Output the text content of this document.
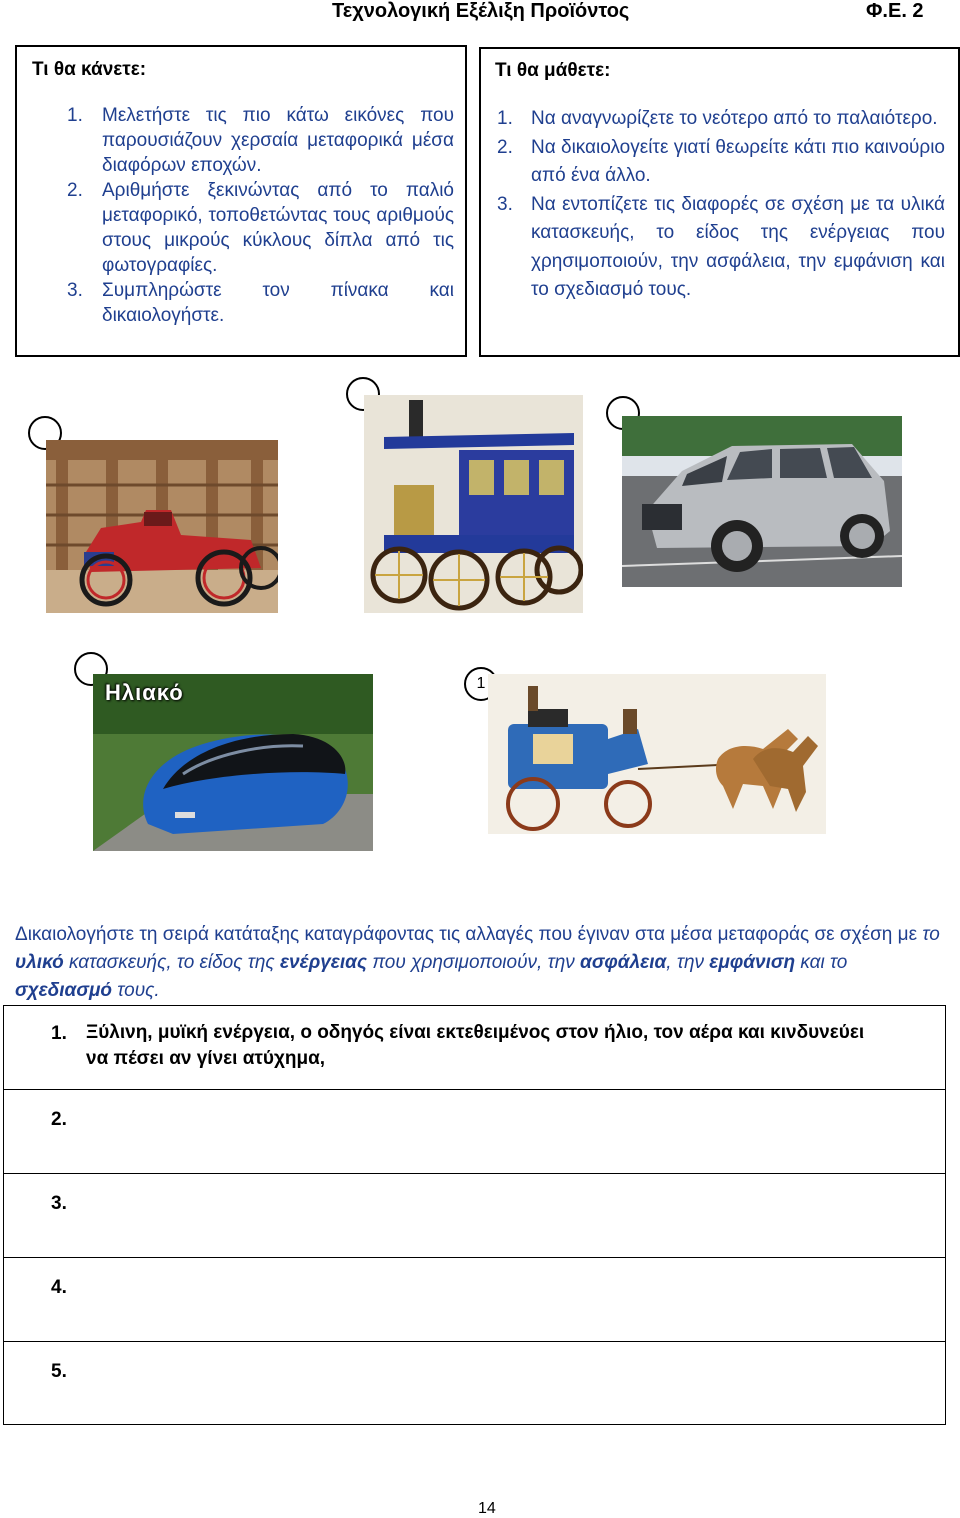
Τεχνολογική Εξέλιξη Προϊόντος	Φ.Ε. 2
Τι θα κάνετε:
1. Μελετήστε τις πιο κάτω εικόνες που παρουσιάζουν χερσαία μεταφορικά μέσα διαφόρων εποχών.
2. Αριθμήστε ξεκινώντας από το παλιό μεταφορικό, τοποθετώντας τους αριθμούς στους μικρούς κύκλους δίπλα από τις φωτογραφίες.
3. Συμπληρώστε τον πίνακα και δικαιολογήστε.
Τι θα μάθετε:
1. Να αναγνωρίζετε το νεότερο από το παλαιότερο.
2. Να δικαιολογείτε γιατί θεωρείτε κάτι πιο καινούριο από ένα άλλο.
3. Να εντοπίζετε τις διαφορές σε σχέση με τα υλικά κατασκευής, το είδος της ενέργειας που χρησιμοποιούν, την ασφάλεια, την εμφάνιση και το σχεδιασμό τους.
Ηλιακό	1
Δικαιολογήστε τη σειρά κατάταξης καταγράφοντας τις αλλαγές που έγιναν στα μέσα μεταφοράς σε σχέση με το υλικό κατασκευής, το είδος της ενέργειας που χρησιμοποιούν, την ασφάλεια, την εμφάνιση και το σχεδιασμό τους.
1. Ξύλινη, μυϊκή ενέργεια, ο οδηγός είναι εκτεθειμένος στον ήλιο, τον αέρα και κινδυνεύει να πέσει αν γίνει ατύχημα,
2.
3.
4.
5.
14
